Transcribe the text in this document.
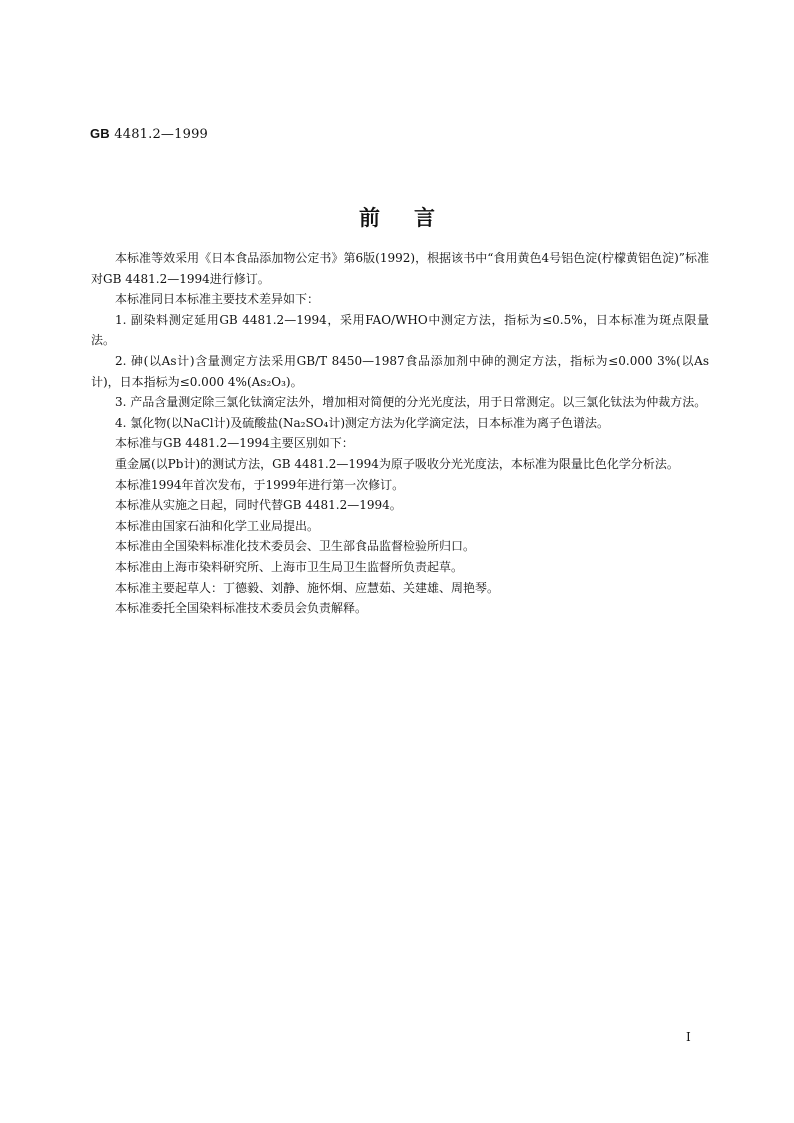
GB 4481.2—1999
前言

本标准等效采用《日本食品添加物公定书》第6版(1992)，根据该书中“食用黄色4号铝色淀(柠檬黄铝色淀)”标准对GB 4481.2—1994进行修订。

本标准同日本标准主要技术差异如下：

1. 副染料测定延用GB 4481.2—1994，采用FAO/WHO中测定方法，指标为≤0.5%，日本标准为斑点限量法。

2. 砷(以As计)含量测定方法采用GB/T 8450—1987食品添加剂中砷的测定方法，指标为≤0.000 3%(以As计)，日本指标为≤0.000 4%(As₂O₃)。

3. 产品含量测定除三氯化钛滴定法外，增加相对简便的分光光度法，用于日常测定。以三氯化钛法为仲裁方法。

4. 氯化物(以NaCl计)及硫酸盐(Na₂SO₄计)测定方法为化学滴定法，日本标准为离子色谱法。

本标准与GB 4481.2—1994主要区别如下：

重金属(以Pb计)的测试方法，GB 4481.2—1994为原子吸收分光光度法，本标准为限量比色化学分析法。

本标准1994年首次发布，于1999年进行第一次修订。

本标准从实施之日起，同时代替GB 4481.2—1994。

本标准由国家石油和化学工业局提出。

本标准由全国染料标准化技术委员会、卫生部食品监督检验所归口。

本标准由上海市染料研究所、上海市卫生局卫生监督所负责起草。

本标准主要起草人：丁德毅、刘静、施怀炯、应慧茹、关建雄、周艳琴。

本标准委托全国染料标准技术委员会负责解释。

I
